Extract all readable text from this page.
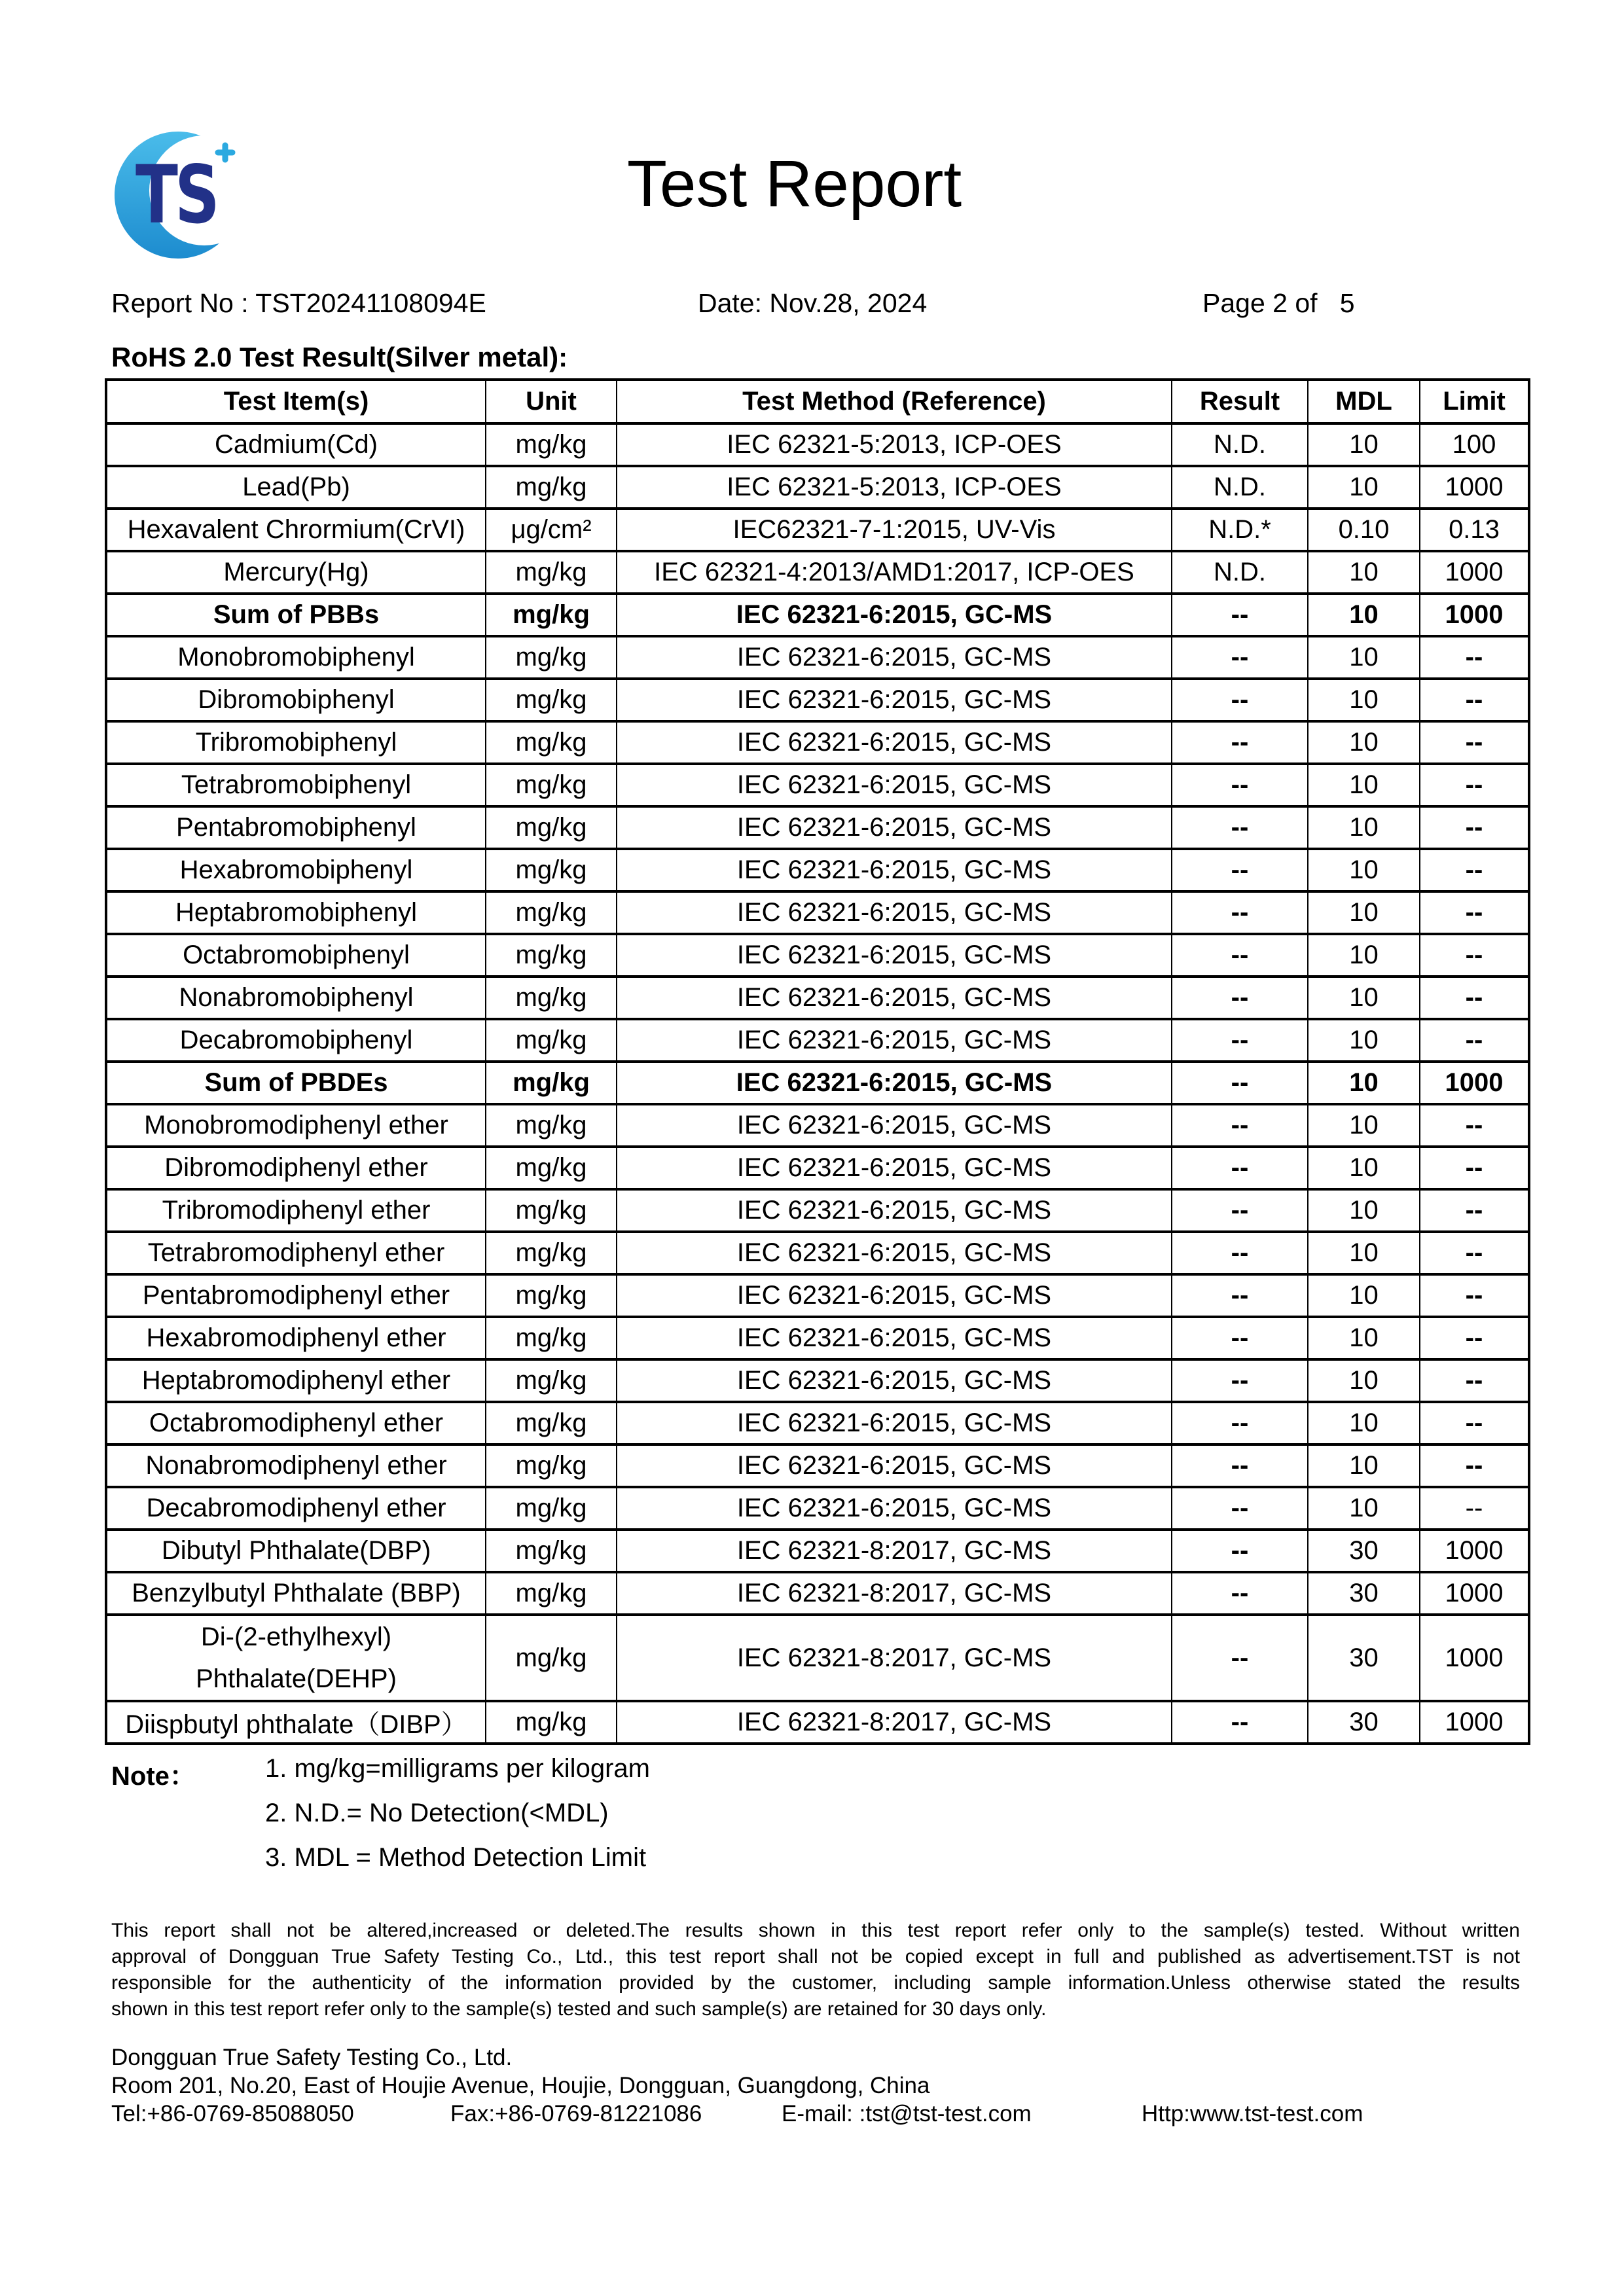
TS	Test Report
Report No : TST20241108094E	Date: Nov.28, 2024	Page 2 of   5
RoHS 2.0 Test Result(Silver metal):
Test Item(s)	Unit	Test Method (Reference)	Result	MDL	Limit
Cadmium(Cd)	mg/kg	IEC 62321-5:2013, ICP-OES	N.D.	10	100
Lead(Pb)	mg/kg	IEC 62321-5:2013, ICP-OES	N.D.	10	1000
Hexavalent Chrormium(CrVI)	μg/cm²	IEC62321-7-1:2015, UV-Vis	N.D.*	0.10	0.13
Mercury(Hg)	mg/kg	IEC 62321-4:2013/AMD1:2017, ICP-OES	N.D.	10	1000
Sum of PBBs	mg/kg	IEC 62321-6:2015, GC-MS	--	10	1000
Monobromobiphenyl	mg/kg	IEC 62321-6:2015, GC-MS	--	10	--
Dibromobiphenyl	mg/kg	IEC 62321-6:2015, GC-MS	--	10	--
Tribromobiphenyl	mg/kg	IEC 62321-6:2015, GC-MS	--	10	--
Tetrabromobiphenyl	mg/kg	IEC 62321-6:2015, GC-MS	--	10	--
Pentabromobiphenyl	mg/kg	IEC 62321-6:2015, GC-MS	--	10	--
Hexabromobiphenyl	mg/kg	IEC 62321-6:2015, GC-MS	--	10	--
Heptabromobiphenyl	mg/kg	IEC 62321-6:2015, GC-MS	--	10	--
Octabromobiphenyl	mg/kg	IEC 62321-6:2015, GC-MS	--	10	--
Nonabromobiphenyl	mg/kg	IEC 62321-6:2015, GC-MS	--	10	--
Decabromobiphenyl	mg/kg	IEC 62321-6:2015, GC-MS	--	10	--
Sum of PBDEs	mg/kg	IEC 62321-6:2015, GC-MS	--	10	1000
Monobromodiphenyl ether	mg/kg	IEC 62321-6:2015, GC-MS	--	10	--
Dibromodiphenyl ether	mg/kg	IEC 62321-6:2015, GC-MS	--	10	--
Tribromodiphenyl ether	mg/kg	IEC 62321-6:2015, GC-MS	--	10	--
Tetrabromodiphenyl ether	mg/kg	IEC 62321-6:2015, GC-MS	--	10	--
Pentabromodiphenyl ether	mg/kg	IEC 62321-6:2015, GC-MS	--	10	--
Hexabromodiphenyl ether	mg/kg	IEC 62321-6:2015, GC-MS	--	10	--
Heptabromodiphenyl ether	mg/kg	IEC 62321-6:2015, GC-MS	--	10	--
Octabromodiphenyl ether	mg/kg	IEC 62321-6:2015, GC-MS	--	10	--
Nonabromodiphenyl ether	mg/kg	IEC 62321-6:2015, GC-MS	--	10	--
Decabromodiphenyl ether	mg/kg	IEC 62321-6:2015, GC-MS	--	10	--
Dibutyl Phthalate(DBP)	mg/kg	IEC 62321-8:2017, GC-MS	--	30	1000
Benzylbutyl Phthalate (BBP)	mg/kg	IEC 62321-8:2017, GC-MS	--	30	1000

Di-(2-ethylhexyl)
Phthalate(DEHP)	mg/kg	IEC 62321-8:2017, GC-MS	--	30	1000
Diispbutyl phthalate（DIBP）	mg/kg	IEC 62321-8:2017, GC-MS	--	30	1000
Note：	1. mg/kg=milligrams per kilogram
2. N.D.= No Detection(<MDL)
3. MDL = Method Detection Limit
This report shall not be altered,increased or deleted.The results shown in this test report refer only to the sample(s) tested. Without written
approval of Dongguan True Safety Testing Co., Ltd., this test report shall not be copied except in full and published as advertisement.TST is not
responsible for the authenticity of the information provided by the customer, including sample information.Unless otherwise stated the results
shown in this test report refer only to the sample(s) tested and such sample(s) are retained for 30 days only.
Dongguan True Safety Testing Co., Ltd.
Room 201, No.20, East of Houjie Avenue, Houjie, Dongguan, Guangdong, China
Tel:+86-0769-85088050	Fax:+86-0769-81221086	E-mail: :tst@tst-test.com	Http:www.tst-test.com
